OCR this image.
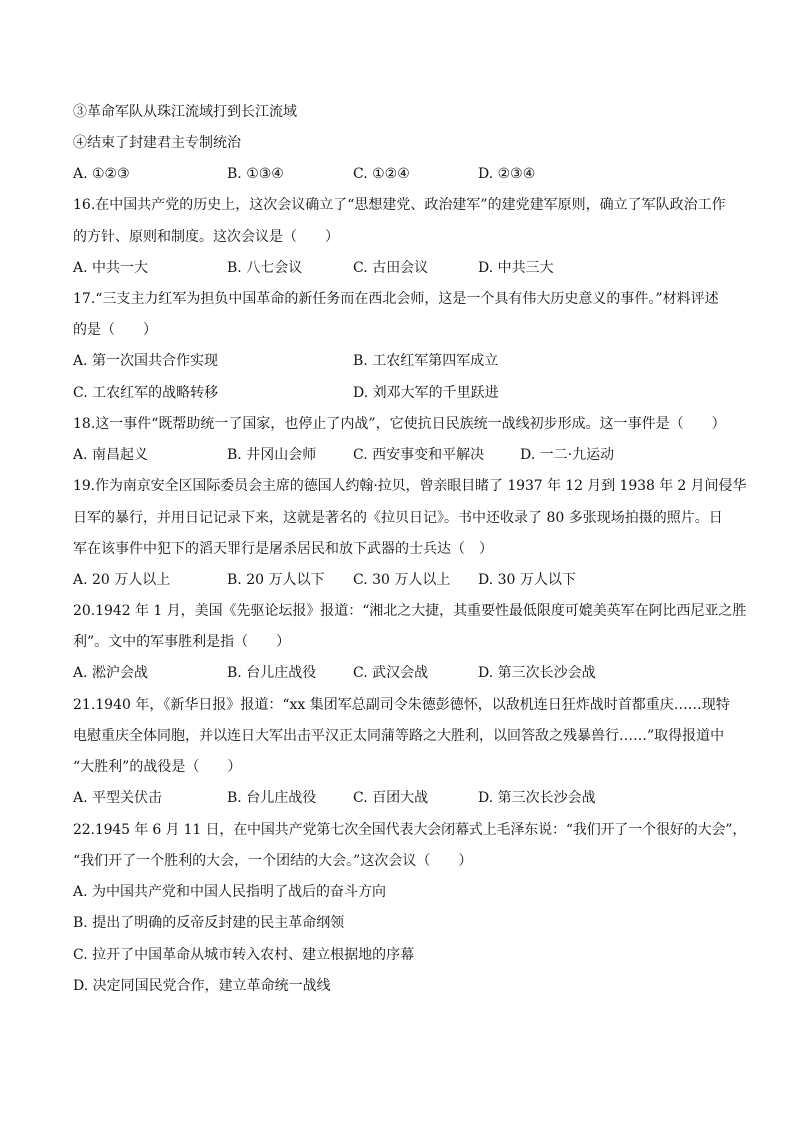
③革命军队从珠江流域打到长江流域
④结束了封建君主专制统治
A. ①②③	B. ①③④	C. ①②④	D. ②③④
16.在中国共产党的历史上，这次会议确立了“思想建党、政治建军”的建党建军原则，确立了军队政治工作
的方针、原则和制度。这次会议是（　　）
A. 中共一大	B. 八七会议	C. 古田会议	D. 中共三大
17.“三支主力红军为担负中国革命的新任务而在西北会师，这是一个具有伟大历史意义的事件。”材料评述
的是（　　）
A. 第一次国共合作实现	B. 工农红军第四军成立
C. 工农红军的战略转移	D. 刘邓大军的千里跃进
18.这一事件“既帮助统一了国家，也停止了内战”，它使抗日民族统一战线初步形成。这一事件是（　　）
A. 南昌起义	B. 井冈山会师	C. 西安事变和平解决	D. 一二·九运动
19.作为南京安全区国际委员会主席的德国人约翰·拉贝，曾亲眼目睹了 1937 年 12 月到 1938 年 2 月间侵华
日军的暴行，并用日记记录下来，这就是著名的《拉贝日记》。书中还收录了 80 多张现场拍摄的照片。日
军在该事件中犯下的滔天罪行是屠杀居民和放下武器的士兵达（　）
A. 20 万人以上	B. 20 万人以下 C. 30 万人以上 D. 30 万人以下
20.1942 年 1 月，美国《先驱论坛报》报道：“湘北之大捷，其重要性最低限度可媲美英军在阿比西尼亚之胜
利”。文中的军事胜利是指（　　）
A. 淞沪会战	B. 台儿庄战役	C. 武汉会战	D. 第三次长沙会战
21.1940 年，《新华日报》报道：“xx 集团军总副司令朱德彭德怀，以敌机连日狂炸战时首都重庆……现特
电慰重庆全体同胞，并以连日大军出击平汉正太同蒲等路之大胜利，以回答敌之残暴兽行……”取得报道中
“大胜利”的战役是（　　）
A. 平型关伏击	B. 台儿庄战役	C. 百团大战	D. 第三次长沙会战
22.1945 年 6 月 11 日，在中国共产党第七次全国代表大会闭幕式上毛泽东说：“我们开了一个很好的大会”，
“我们开了一个胜利的大会，一个团结的大会。”这次会议（　　）
A. 为中国共产党和中国人民指明了战后的奋斗方向
B. 提出了明确的反帝反封建的民主革命纲领
C. 拉开了中国革命从城市转入农村、建立根据地的序幕
D. 决定同国民党合作，建立革命统一战线
